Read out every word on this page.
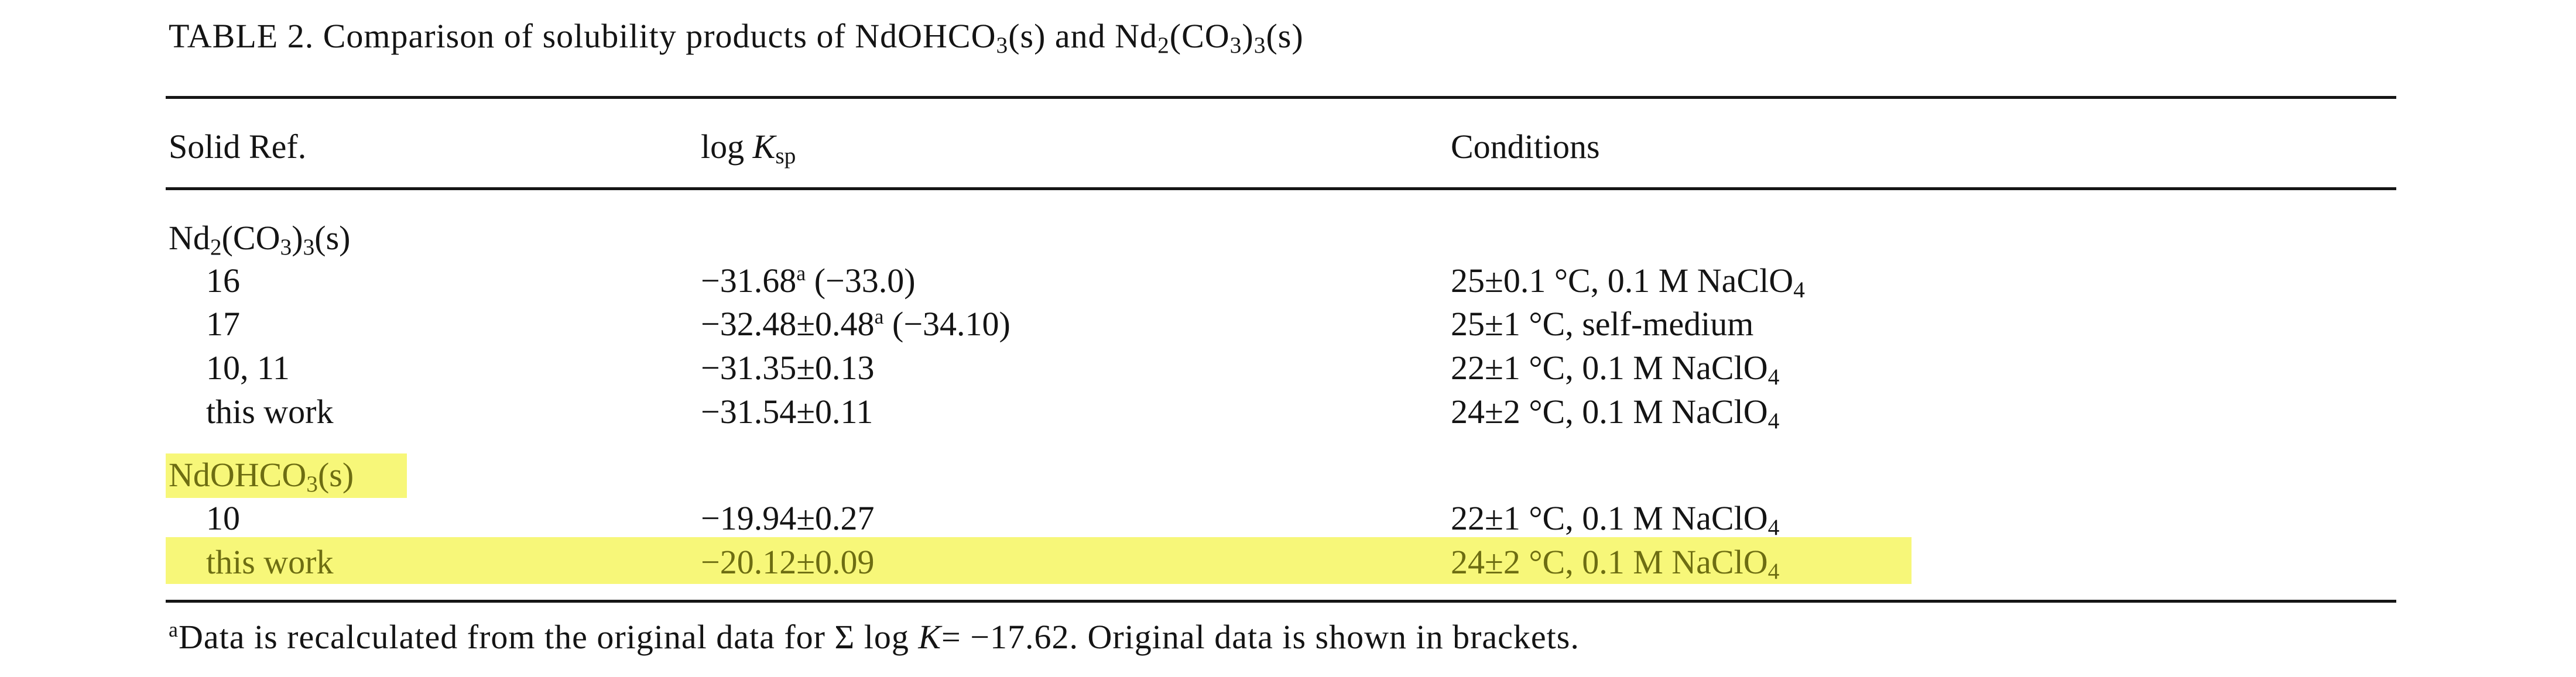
TABLE 2. Comparison of solubility products of NdOHCO$_3$(s) and $Nd_2(CO_3)_3(s)$
Solid Ref.	$\log K_{sp}$	Conditions
$Nd_2(CO_3)_3(s)$
16	−31.68$^a$ (−33.0)	25±0.1 °C, 0.1 M NaClO$_4$
17	−32.48±0.48$^a$ (−34.10)	25±1 °C, self-medium
10, 11	−31.35±0.13	22±1 °C, 0.1 M NaClO$_4$
this work	−31.54±0.11	24±2 °C, 0.1 M NaClO$_4$
NdOHCO$_3$(s)
10	−19.94±0.27	22±1 °C, 0.1 M NaClO$_4$
this work	−20.12±0.09	24±2 °C, 0.1 M NaClO$_4$
$^a$Data is recalculated from the original data for Σ log K= −17.62. Original data is shown in brackets.
